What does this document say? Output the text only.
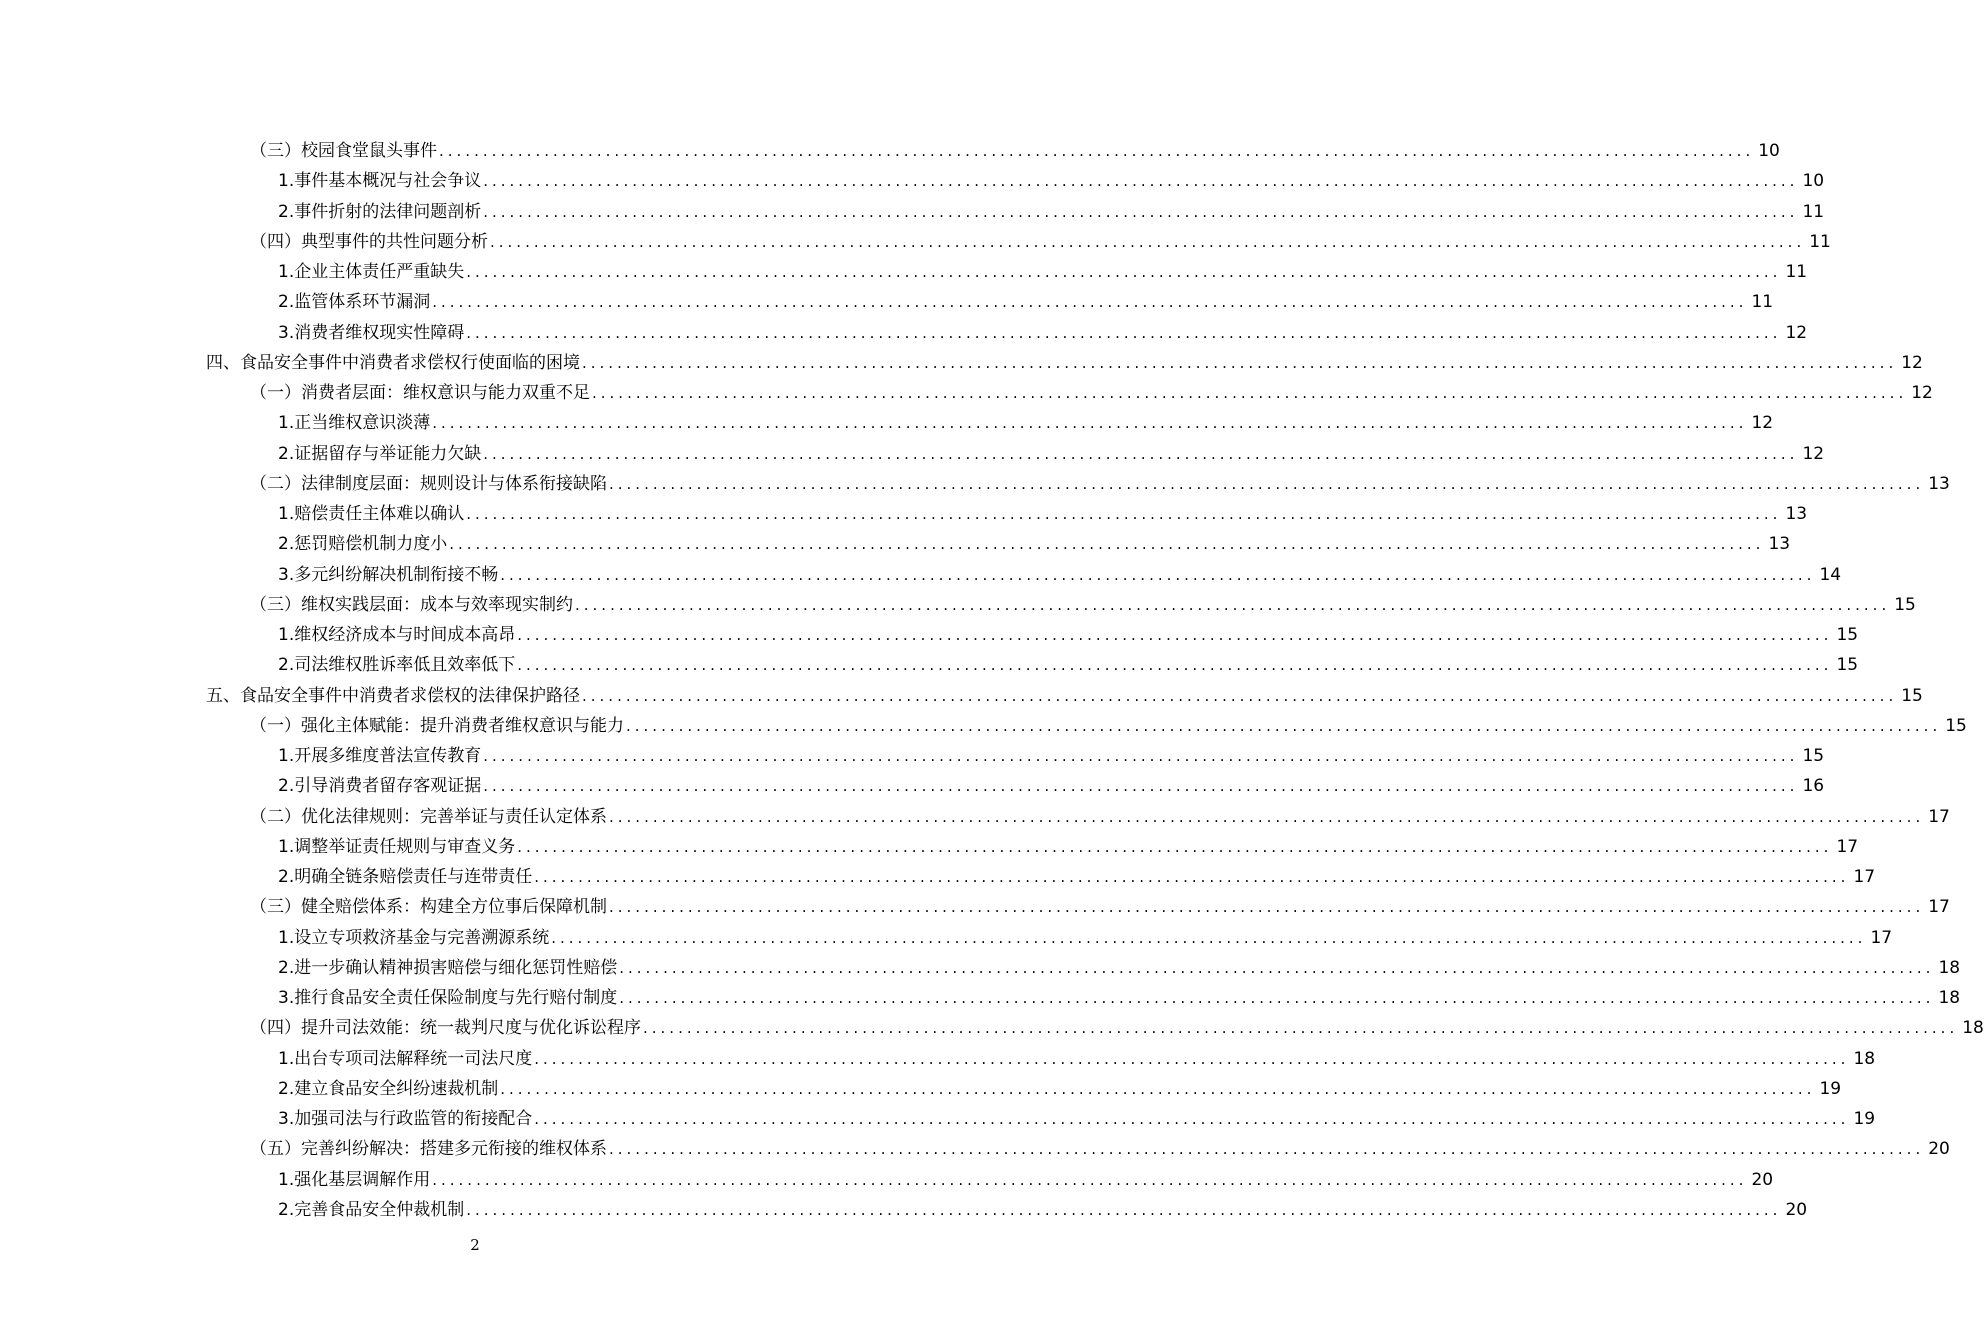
（三）校园食堂鼠头事件 ...................................................................................................................................................... 10
1.事件基本概况与社会争议 ...................................................................................................................................................... 10
2.事件折射的法律问题剖析 ...................................................................................................................................................... 11
（四）典型事件的共性问题分析 ...................................................................................................................................................... 11
1.企业主体责任严重缺失 ...................................................................................................................................................... 11
2.监管体系环节漏洞 ...................................................................................................................................................... 11
3.消费者维权现实性障碍 ...................................................................................................................................................... 12
四、食品安全事件中消费者求偿权行使面临的困境 ...................................................................................................................................................... 12
（一）消费者层面：维权意识与能力双重不足 ...................................................................................................................................................... 12
1.正当维权意识淡薄 ...................................................................................................................................................... 12
2.证据留存与举证能力欠缺 ...................................................................................................................................................... 12
（二）法律制度层面：规则设计与体系衔接缺陷 ...................................................................................................................................................... 13
1.赔偿责任主体难以确认 ...................................................................................................................................................... 13
2.惩罚赔偿机制力度小 ...................................................................................................................................................... 13
3.多元纠纷解决机制衔接不畅 ...................................................................................................................................................... 14
（三）维权实践层面：成本与效率现实制约 ...................................................................................................................................................... 15
1.维权经济成本与时间成本高昂 ...................................................................................................................................................... 15
2.司法维权胜诉率低且效率低下 ...................................................................................................................................................... 15
五、食品安全事件中消费者求偿权的法律保护路径 ...................................................................................................................................................... 15
（一）强化主体赋能：提升消费者维权意识与能力 ...................................................................................................................................................... 15
1.开展多维度普法宣传教育 ...................................................................................................................................................... 15
2.引导消费者留存客观证据 ...................................................................................................................................................... 16
（二）优化法律规则：完善举证与责任认定体系 ...................................................................................................................................................... 17
1.调整举证责任规则与审查义务 ...................................................................................................................................................... 17
2.明确全链条赔偿责任与连带责任 ...................................................................................................................................................... 17
（三）健全赔偿体系：构建全方位事后保障机制 ...................................................................................................................................................... 17
1.设立专项救济基金与完善溯源系统 ...................................................................................................................................................... 17
2.进一步确认精神损害赔偿与细化惩罚性赔偿 ...................................................................................................................................................... 18
3.推行食品安全责任保险制度与先行赔付制度 ...................................................................................................................................................... 18
（四）提升司法效能：统一裁判尺度与优化诉讼程序 ...................................................................................................................................................... 18
1.出台专项司法解释统一司法尺度 ...................................................................................................................................................... 18
2.建立食品安全纠纷速裁机制 ...................................................................................................................................................... 19
3.加强司法与行政监管的衔接配合 ...................................................................................................................................................... 19
（五）完善纠纷解决：搭建多元衔接的维权体系 ...................................................................................................................................................... 20
1.强化基层调解作用 ...................................................................................................................................................... 20
2.完善食品安全仲裁机制 ...................................................................................................................................................... 20
2
